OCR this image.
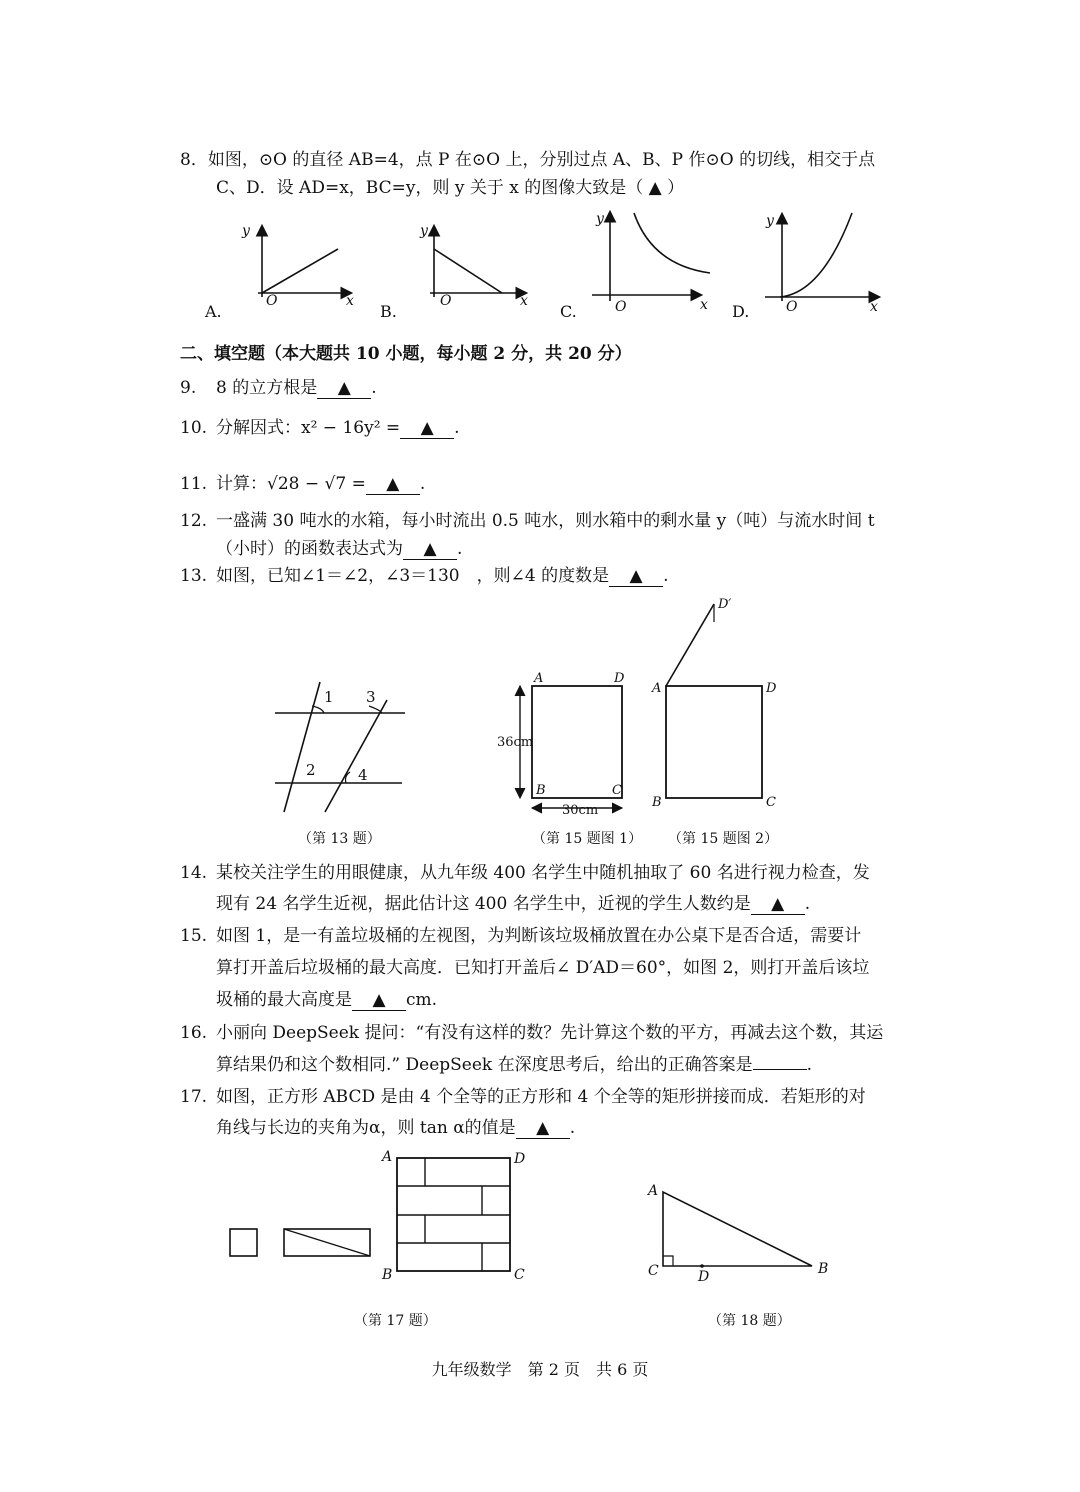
8．如图，⊙O 的直径 AB=4，点 P 在⊙O 上，分别过点 A、B、P 作⊙O 的切线，相交于点
C、D．设 AD=x，BC=y，则 y 关于 x 的图像大致是（ ▲ ）
y
O	x
A.
y
O	x
B.
y
O	x
C.
y
O	x
D.
二、填空题（本大题共 10 小题，每小题 2 分，共 20 分）
9. 8 的立方根是 ▲ .
10. 分解因式：x² − 16y² = ▲ .
11. 计算：√28 − √7 = ▲ .
12. 一盛满 30 吨水的水箱，每小时流出 0.5 吨水，则水箱中的剩水量 y（吨）与流水时间 t
（小时）的函数表达式为 ▲ .
13. 如图，已知∠1＝∠2，∠3＝130　，则∠4 的度数是 ▲ .
1
2
3
4
（第 13 题）
A	D
B	C
36cm
30cm
（第 15 题图 1）
D′
A	D
B	C
（第 15 题图 2）
14. 某校关注学生的用眼健康，从九年级 400 名学生中随机抽取了 60 名进行视力检查，发
现有 24 名学生近视，据此估计这 400 名学生中，近视的学生人数约是 ▲ .
15. 如图 1，是一有盖垃圾桶的左视图，为判断该垃圾桶放置在办公桌下是否合适，需要计
算打开盖后垃圾桶的最大高度．已知打开盖后∠ D′AD＝60°，如图 2，则打开盖后该垃
圾桶的最大高度是 ▲ cm.
16. 小丽向 DeepSeek 提问：“有没有这样的数？先计算这个数的平方，再减去这个数，其运
算结果仍和这个数相同.” DeepSeek 在深度思考后，给出的正确答案是	.
17. 如图，正方形 ABCD 是由 4 个全等的正方形和 4 个全等的矩形拼接而成．若矩形的对
角线与长边的夹角为α，则 tan α的值是 ▲ .
A	D
B	C
（第 17 题）
A
C	D	B
（第 18 题）
九年级数学　第 2 页　共 6 页
